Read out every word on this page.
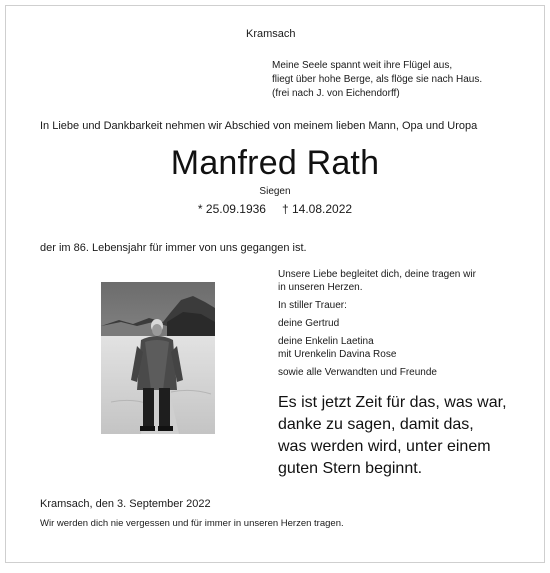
Kramsach
Meine Seele spannt weit ihre Flügel aus,
fliegt über hohe Berge, als flöge sie nach Haus.
(frei nach J. von Eichendorff)
In Liebe und Dankbarkeit nehmen wir Abschied von meinem lieben Mann, Opa und Uropa
Manfred Rath
Siegen
* 25.09.1936 † 14.08.2022
der im 86. Lebensjahr für immer von uns gegangen ist.
Unsere Liebe begleitet dich, deine tragen wir
in unseren Herzen.
In stiller Trauer:
deine Gertrud
deine Enkelin Laetina
mit Urenkelin Davina Rose
sowie alle Verwandten und Freunde
Es ist jetzt Zeit für das, was war,
danke zu sagen, damit das,
was werden wird, unter einem
guten Stern beginnt.
Kramsach, den 3. September 2022
Wir werden dich nie vergessen und für immer in unseren Herzen tragen.
